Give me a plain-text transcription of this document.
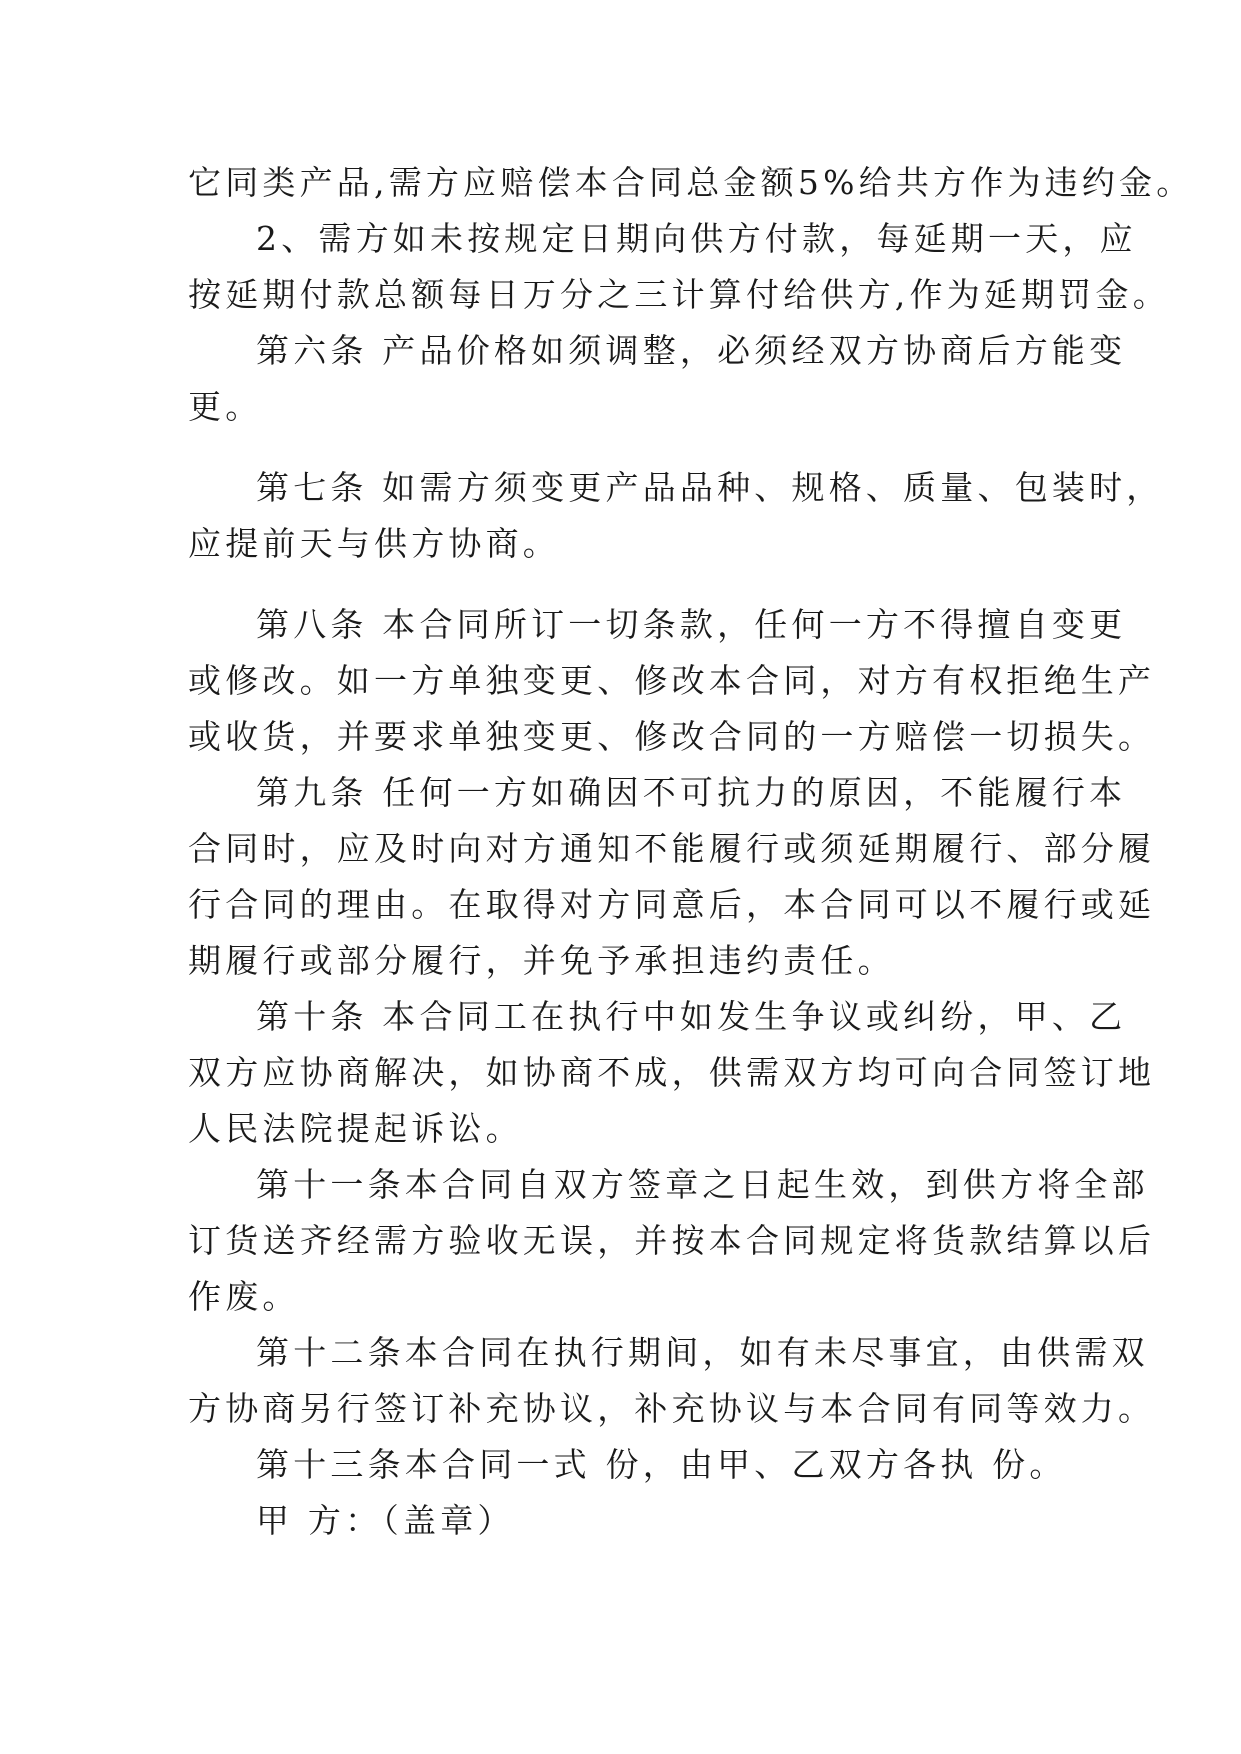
它同类产品,需方应赔偿本合同总金额5%给共方作为违约金。
2、需方如未按规定日期向供方付款，每延期一天，应
按延期付款总额每日万分之三计算付给供方,作为延期罚金。
第六条 产品价格如须调整，必须经双方协商后方能变
更。
第七条 如需方须变更产品品种、规格、质量、包装时，
应提前天与供方协商。
第八条 本合同所订一切条款，任何一方不得擅自变更
或修改。如一方单独变更、修改本合同，对方有权拒绝生产
或收货，并要求单独变更、修改合同的一方赔偿一切损失。
第九条 任何一方如确因不可抗力的原因，不能履行本
合同时，应及时向对方通知不能履行或须延期履行、部分履
行合同的理由。在取得对方同意后，本合同可以不履行或延
期履行或部分履行，并免予承担违约责任。
第十条 本合同工在执行中如发生争议或纠纷，甲、乙
双方应协商解决，如协商不成，供需双方均可向合同签订地
人民法院提起诉讼。
第十一条本合同自双方签章之日起生效，到供方将全部
订货送齐经需方验收无误，并按本合同规定将货款结算以后
作废。
第十二条本合同在执行期间，如有未尽事宜，由供需双
方协商另行签订补充协议，补充协议与本合同有同等效力。
第十三条本合同一式 份，由甲、乙双方各执 份。
甲 方：（盖章）
